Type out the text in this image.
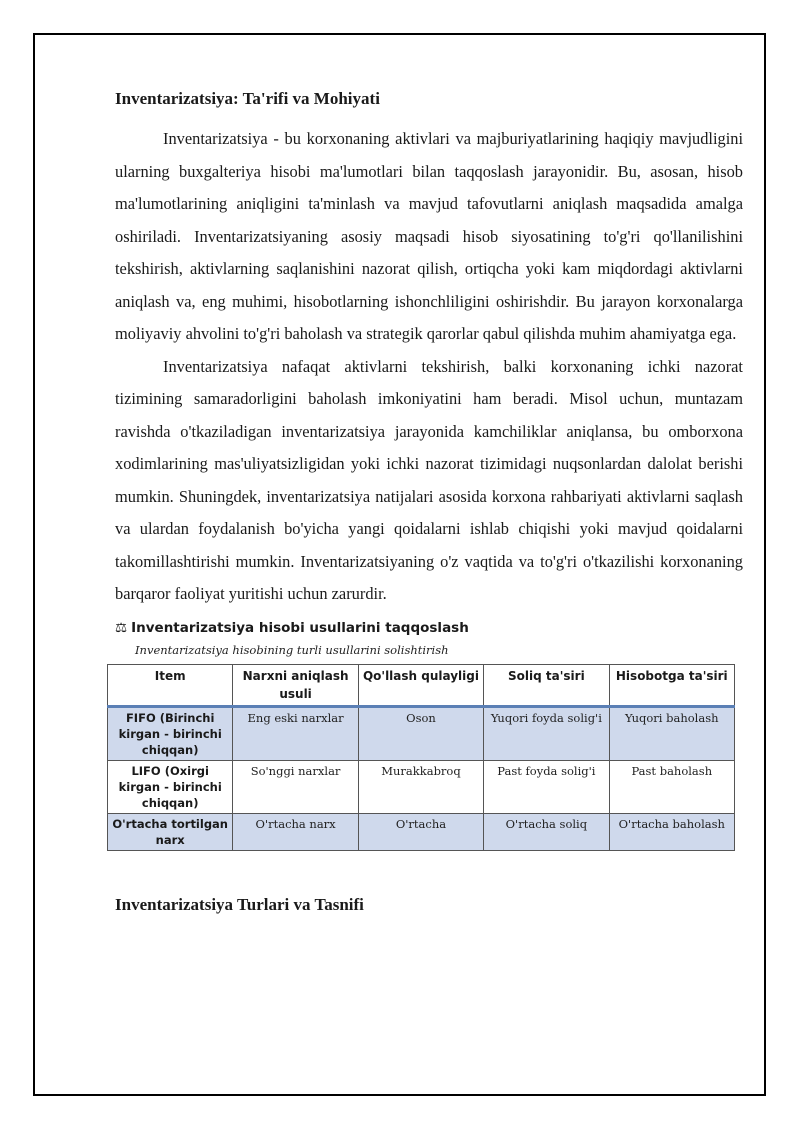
Inventarizatsiya: Ta'rifi va Mohiyati

Inventarizatsiya - bu korxonaning aktivlari va majburiyatlarining haqiqiy mavjudligini ularning buxgalteriya hisobi ma'lumotlari bilan taqqoslash jarayonidir. Bu, asosan, hisob ma'lumotlarining aniqligini ta'minlash va mavjud tafovutlarni aniqlash maqsadida amalga oshiriladi. Inventarizatsiyaning asosiy maqsadi hisob siyosatining to'g'ri qo'llanilishini tekshirish, aktivlarning saqlanishini nazorat qilish, ortiqcha yoki kam miqdordagi aktivlarni aniqlash va, eng muhimi, hisobotlarning ishonchliligini oshirishdir. Bu jarayon korxonalarga moliyaviy ahvolini to'g'ri baholash va strategik qarorlar qabul qilishda muhim ahamiyatga ega.

Inventarizatsiya nafaqat aktivlarni tekshirish, balki korxonaning ichki nazorat tizimining samaradorligini baholash imkoniyatini ham beradi. Misol uchun, muntazam ravishda o'tkaziladigan inventarizatsiya jarayonida kamchiliklar aniqlansa, bu omborxona xodimlarining mas'uliyatsizligidan yoki ichki nazorat tizimidagi nuqsonlardan dalolat berishi mumkin. Shuningdek, inventarizatsiya natijalari asosida korxona rahbariyati aktivlarni saqlash va ulardan foydalanish bo'yicha yangi qoidalarni ishlab chiqishi yoki mavjud qoidalarni takomillashtirishi mumkin. Inventarizatsiyaning o'z vaqtida va to'g'ri o'tkazilishi korxonaning barqaror faoliyat yuritishi uchun zarurdir.

⚖ Inventarizatsiya hisobi usullarini taqqoslash
Inventarizatsiya hisobining turli usullarini solishtirish
Item	Narxni aniqlash usuli	Qo'llash qulayligi	Soliq ta'siri	Hisobotga ta'siri
FIFO (Birinchi kirgan - birinchi chiqqan)	Eng eski narxlar	Oson	Yuqori foyda solig'i	Yuqori baholash
LIFO (Oxirgi kirgan - birinchi chiqqan)	So'nggi narxlar	Murakkabroq	Past foyda solig'i	Past baholash
O'rtacha tortilgan narx	O'rtacha narx	O'rtacha	O'rtacha soliq	O'rtacha baholash
Inventarizatsiya Turlari va Tasnifi
